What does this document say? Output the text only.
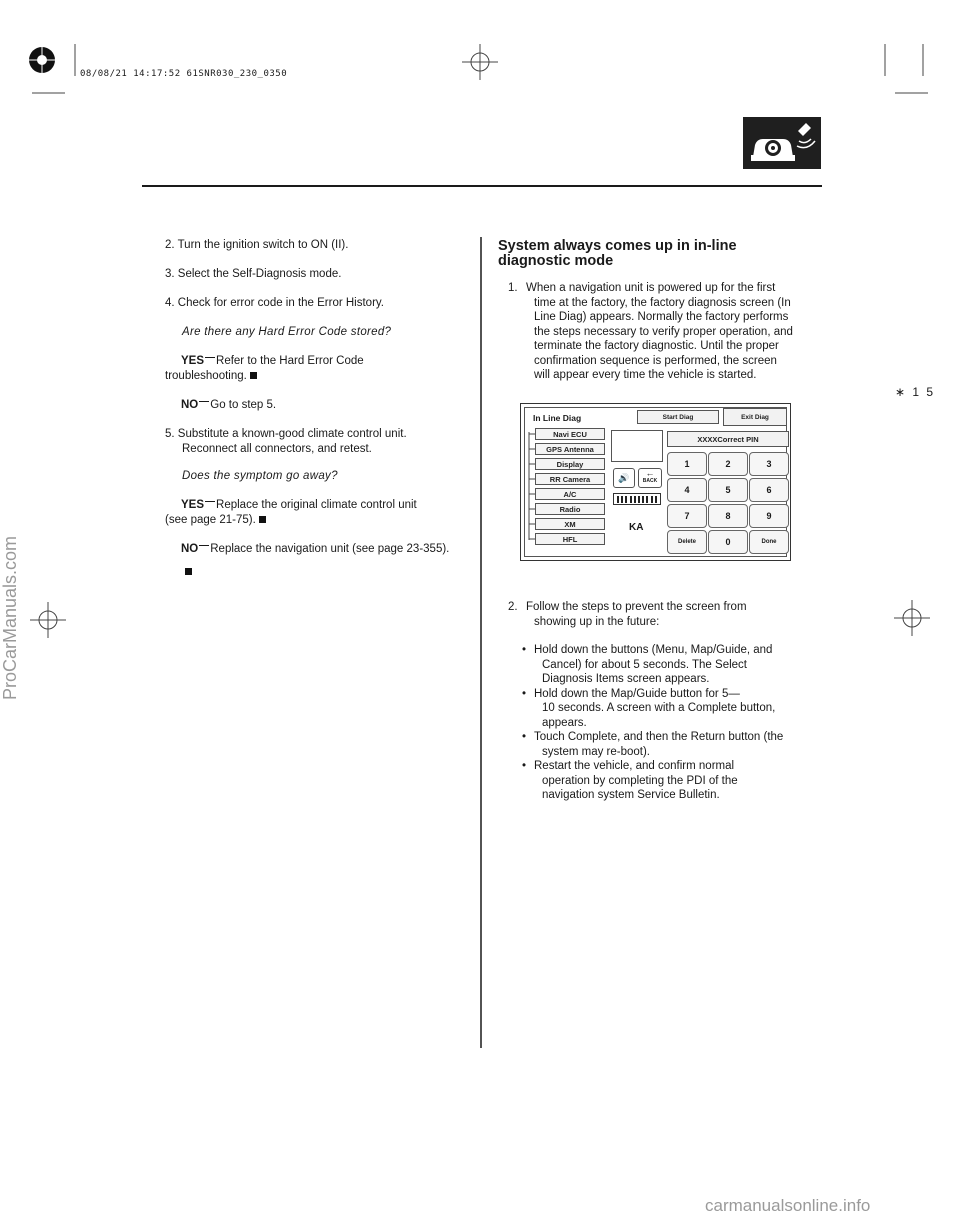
08/08/21 14:17:52 61SNR030_230_0350
∗ 1 5
ProCarManuals.com
carmanualsonline.info
2. Turn the ignition switch to ON (II).
3. Select the Self-Diagnosis mode.
4. Check for error code in the Error History.
Are there any Hard Error Code stored?
YES Refer to the Hard Error Code
troubleshooting.
NO Go to step 5.
5. Substitute a known-good climate control unit.
Reconnect all connectors, and retest.
Does the symptom go away?
YES Replace the original climate control unit
(see page 21-75).
NO Replace the navigation unit (see page 23-355).
System always comes up in in-line
diagnostic mode
1. When a navigation unit is powered up for the first
time at the factory, the factory diagnosis screen (In
Line Diag) appears. Normally the factory performs
the steps necessary to verify proper operation, and
terminate the factory diagnostic. Until the proper
confirmation sequence is performed, the screen
will appear every time the vehicle is started.
In Line Diag	Start Diag	Exit Diag
Navi ECU
GPS Antenna
Display
RR Camera
A/C
Radio
XM
HFL
🔊	←
BACK
KA
XXXXCorrect PIN
1	2	3
4	5	6
7	8	9
Delete	0	Done
2. Follow the steps to prevent the screen from
showing up in the future:
• Hold down the buttons (Menu, Map/Guide, and
Cancel) for about 5 seconds. The Select
Diagnosis Items screen appears.
• Hold down the Map/Guide button for 5—
10 seconds. A screen with a Complete button,
appears.
• Touch Complete, and then the Return button (the
system may re-boot).
• Restart the vehicle, and confirm normal
operation by completing the PDI of the
navigation system Service Bulletin.
